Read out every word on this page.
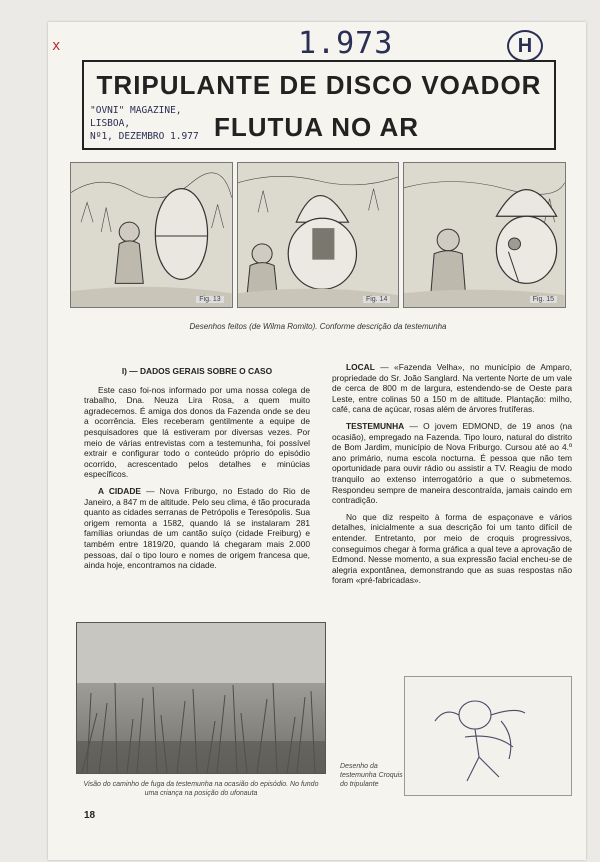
x	1.973	H
TRIPULANTE DE DISCO VOADOR
FLUTUA NO AR
"OVNI" MAGAZINE,
LISBOA,
Nº1, DEZEMBRO 1.977
Fig. 13	Fig. 14	Fig. 15
Desenhos feitos (de Wilma Romito). Conforme descrição da testemunha
I) — DADOS GERAIS SOBRE O CASO

Este caso foi-nos informado por uma nossa colega de trabalho, Dna. Neuza Lira Rosa, a quem muito agradecemos. É amiga dos donos da Fazenda onde se deu a ocorrência. Eles receberam gentilmente a equipe de pesquisadores que lá estiveram por diversas vezes. Por meio de várias entrevistas com a testemunha, foi possível extrair e configurar todo o conteúdo próprio do episódio ocorrido, acrescentado pelos detalhes e minúcias específicos.

A CIDADE — Nova Friburgo, no Estado do Rio de Janeiro, a 847 m de altitude. Pelo seu clima, é tão procurada quanto as cidades serranas de Petrópolis e Teresópolis. Sua origem remonta a 1582, quando lá se instalaram 281 famílias oriundas de um cantão suíço (cidade Freiburg) e também entre 1819/20, quando lá chegaram mais 2.000 pessoas, daí o tipo louro e nomes de origem francesa que, ainda hoje, encontramos na cidade.

LOCAL — «Fazenda Velha», no município de Amparo, propriedade do Sr. João Sanglard. Na vertente Norte de um vale de cerca de 800 m de largura, estendendo-se de Oeste para Leste, entre colinas 50 a 150 m de altitude. Plantação: milho, café, cana de açúcar, rosas além de árvores frutíferas.

TESTEMUNHA — O jovem EDMOND, de 19 anos (na ocasião), empregado na Fazenda. Tipo louro, natural do distrito de Bom Jardim, município de Nova Friburgo. Cursou até ao 4.º ano primário, numa escola nocturna. É pessoa que não tem oportunidade para ouvir rádio ou assistir a TV. Reagiu de modo tranquilo ao extenso interrogatório a que o submetemos. Respondeu sempre de maneira descontraída, jamais caindo em contradição.

No que diz respeito à forma de espaçonave e vários detalhes, inicialmente a sua descrição foi um tanto difícil de entender. Entretanto, por meio de croquis progressivos, conseguimos chegar à forma gráfica a qual teve a aprovação de Edmond. Nesse momento, a sua expressão facial encheu-se de alegria expontânea, demonstrando que as suas respostas não foram «pré-fabricadas».

Visão do caminho de fuga da testemunha na ocasião do episódio. No fundo uma criança na posição do ufonauta
Desenho da testemunha Croquis do tripulante
18
